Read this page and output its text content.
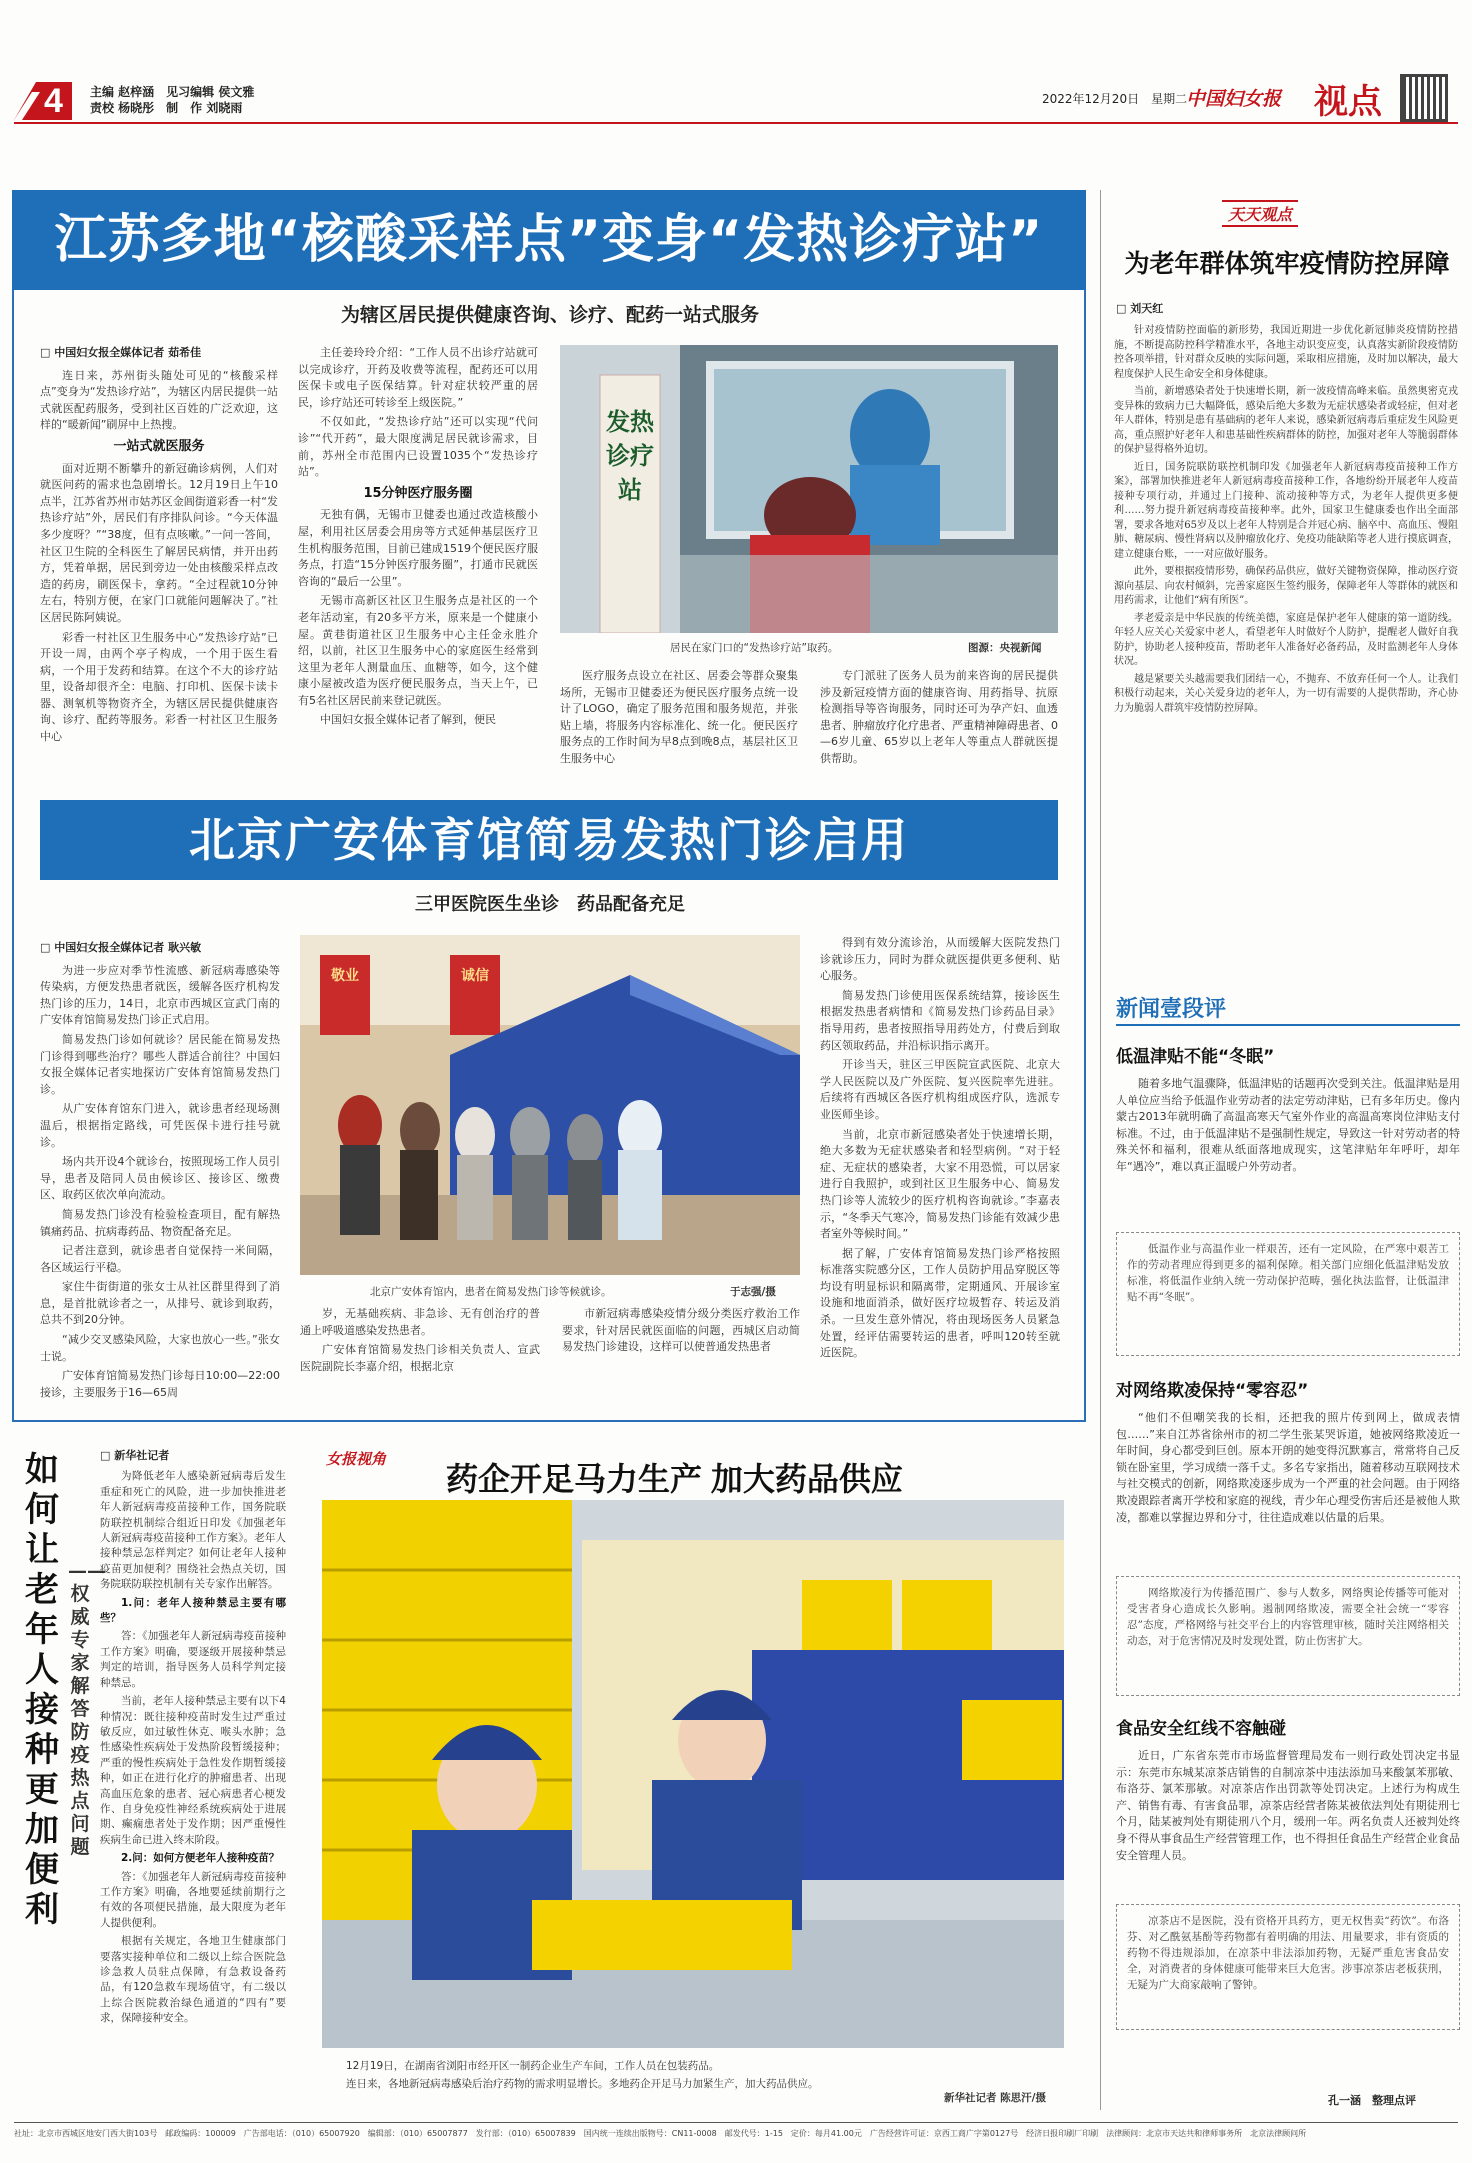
4 主编 赵梓涵　见习编辑 侯文雅
责校 杨晓彤　制　作 刘晓雨
2022年12月20日　星期二
中国妇女报 视点
江苏多地“核酸采样点”变身“发热诊疗站”
为辖区居民提供健康咨询、诊疗、配药一站式服务
□ 中国妇女报全媒体记者 茹希佳

连日来，苏州街头随处可见的“核酸采样点”变身为“发热诊疗站”，为辖区内居民提供一站式就医配药服务，受到社区百姓的广泛欢迎，这样的“暖新闻”刷屏中上热搜。

一站式就医服务

面对近期不断攀升的新冠确诊病例，人们对就医问药的需求也急剧增长。12月19日上午10点半，江苏省苏州市姑苏区金阊街道彩香一村“发热诊疗站”外，居民们有序排队问诊。“今天体温多少度呀？”“38度，但有点咳嗽。”一问一答间，社区卫生院的全科医生了解居民病情，并开出药方，凭着单据，居民到旁边一处由核酸采样点改造的药房，刷医保卡，拿药。“全过程就10分钟左右，特别方便，在家门口就能问题解决了。”社区居民陈阿姨说。

彩香一村社区卫生服务中心“发热诊疗站”已开设一周，由两个亭子构成，一个用于医生看病，一个用于发药和结算。在这个不大的诊疗站里，设备却很齐全：电脑、打印机、医保卡读卡器、测氧机等物资齐全，为辖区居民提供健康咨询、诊疗、配药等服务。彩香一村社区卫生服务中心

主任姜玲玲介绍：“工作人员不出诊疗站就可以完成诊疗，开药及收费等流程，配药还可以用医保卡或电子医保结算。针对症状较严重的居民，诊疗站还可转诊至上级医院。”

不仅如此，“发热诊疗站”还可以实现“代问诊”“代开药”，最大限度满足居民就诊需求，目前，苏州全市范围内已设置1035个“发热诊疗站”。

15分钟医疗服务圈

无独有偶，无锡市卫健委也通过改造核酸小屋，利用社区居委会用房等方式延伸基层医疗卫生机构服务范围，目前已建成1519个便民医疗服务点，打造“15分钟医疗服务圈”，打通市民就医咨询的“最后一公里”。

无锡市高新区社区卫生服务点是社区的一个老年活动室，有20多平方米，原来是一个健康小屋。黄巷街道社区卫生服务中心主任金永胜介绍，以前，社区卫生服务中心的家庭医生经常到这里为老年人测量血压、血糖等，如今，这个健康小屋被改造为医疗便民服务点，当天上午，已有5名社区居民前来登记就医。

中国妇女报全媒体记者了解到，便民

发热诊疗站
居民在家门口的“发热诊疗站”取药。	图源：央视新闻

医疗服务点设立在社区、居委会等群众聚集场所，无锡市卫健委还为便民医疗服务点统一设计了LOGO，确定了服务范围和服务规范，并张贴上墙，将服务内容标准化、统一化。便民医疗服务点的工作时间为早8点到晚8点，基层社区卫生服务中心

专门派驻了医务人员为前来咨询的居民提供涉及新冠疫情方面的健康咨询、用药指导、抗原检测指导等咨询服务，同时还可为孕产妇、血透患者、肿瘤放疗化疗患者、严重精神障碍患者、0—6岁儿童、65岁以上老年人等重点人群就医提供帮助。

北京广安体育馆简易发热门诊启用
三甲医院医生坐诊　药品配备充足
□ 中国妇女报全媒体记者 耿兴敏

为进一步应对季节性流感、新冠病毒感染等传染病，方便发热患者就医，缓解各医疗机构发热门诊的压力，14日，北京市西城区宣武门南的广安体育馆简易发热门诊正式启用。

简易发热门诊如何就诊？居民能在简易发热门诊得到哪些治疗？哪些人群适合前往？中国妇女报全媒体记者实地探访广安体育馆简易发热门诊。

从广安体育馆东门进入，就诊患者经现场测温后，根据指定路线，可凭医保卡进行挂号就诊。

场内共开设4个就诊台，按照现场工作人员引导，患者及陪同人员由候诊区、接诊区、缴费区、取药区依次单向流动。

简易发热门诊没有检验检查项目，配有解热镇痛药品、抗病毒药品、物资配备充足。

记者注意到，就诊患者自觉保持一米间隔，各区域运行平稳。

家住牛街街道的张女士从社区群里得到了消息，是首批就诊者之一，从排号、就诊到取药，总共不到20分钟。

“减少交叉感染风险，大家也放心一些。”张女士说。

广安体育馆简易发热门诊每日10:00—22:00接诊，主要服务于16—65周

敬业	诚信
北京广安体育馆内，患者在简易发热门诊等候就诊。	于志强/摄

岁，无基础疾病、非急诊、无有创治疗的普通上呼吸道感染发热患者。

广安体育馆简易发热门诊相关负责人、宣武医院副院长李嘉介绍，根据北京

市新冠病毒感染疫情分级分类医疗救治工作要求，针对居民就医面临的问题，西城区启动简易发热门诊建设，这样可以使普通发热患者

得到有效分流诊治，从而缓解大医院发热门诊就诊压力，同时为群众就医提供更多便利、贴心服务。

简易发热门诊使用医保系统结算，接诊医生根据发热患者病情和《简易发热门诊药品目录》指导用药，患者按照指导用药处方，付费后到取药区领取药品，并沿标识指示离开。

开诊当天，驻区三甲医院宣武医院、北京大学人民医院以及广外医院、复兴医院率先进驻。后续将有西城区各医疗机构组成医疗队，选派专业医师坐诊。

当前，北京市新冠感染者处于快速增长期，绝大多数为无症状感染者和轻型病例。“对于轻症、无症状的感染者，大家不用恐慌，可以居家进行自我照护，或到社区卫生服务中心、简易发热门诊等人流较少的医疗机构咨询就诊。”李嘉表示，“冬季天气寒冷，简易发热门诊能有效减少患者室外等候时间。”

据了解，广安体育馆简易发热门诊严格按照标准落实院感分区，工作人员防护用品穿脱区等均设有明显标识和隔离带，定期通风、开展诊室设施和地面消杀，做好医疗垃圾暂存、转运及消杀。一旦发生意外情况，将由现场医务人员紧急处置，经评估需要转运的患者，呼叫120转至就近医院。

如何让老年人接种更加便利
——权威专家解答防疫热点问题
□ 新华社记者

为降低老年人感染新冠病毒后发生重症和死亡的风险，进一步加快推进老年人新冠病毒疫苗接种工作，国务院联防联控机制综合组近日印发《加强老年人新冠病毒疫苗接种工作方案》。老年人接种禁忌怎样判定？如何让老年人接种疫苗更加便利？围绕社会热点关切，国务院联防联控机制有关专家作出解答。

1.问：老年人接种禁忌主要有哪些？

答：《加强老年人新冠病毒疫苗接种工作方案》明确，要逐级开展接种禁忌判定的培训，指导医务人员科学判定接种禁忌。

当前，老年人接种禁忌主要有以下4种情况：既往接种疫苗时发生过严重过敏反应，如过敏性休克、喉头水肿；急性感染性疾病处于发热阶段暂缓接种；严重的慢性疾病处于急性发作期暂缓接种，如正在进行化疗的肿瘤患者、出现高血压危象的患者、冠心病患者心梗发作、自身免疫性神经系统疾病处于进展期、癫痫患者处于发作期；因严重慢性疾病生命已进入终末阶段。

2.问：如何方便老年人接种疫苗？

答：《加强老年人新冠病毒疫苗接种工作方案》明确，各地要延续前期行之有效的各项便民措施，最大限度为老年人提供便利。

根据有关规定，各地卫生健康部门要落实接种单位和二级以上综合医院急诊急救人员驻点保障，有急救设备药品，有120急救车现场值守，有二级以上综合医院救治绿色通道的“四有”要求，保障接种安全。

女报视角
药企开足马力生产 加大药品供应
12月19日，在湖南省浏阳市经开区一制药企业生产车间，工作人员在包装药品。
连日来，各地新冠病毒感染后治疗药物的需求明显增长。多地药企开足马力加紧生产，加大药品供应。
新华社记者 陈思汗/摄
天天观点
为老年群体筑牢疫情防控屏障
□ 刘天红

针对疫情防控面临的新形势，我国近期进一步优化新冠肺炎疫情防控措施，不断提高防控科学精准水平，各地主动识变应变，认真落实新阶段疫情防控各项举措，针对群众反映的实际问题，采取相应措施，及时加以解决，最大程度保护人民生命安全和身体健康。

当前，新增感染者处于快速增长期，新一波疫情高峰来临。虽然奥密克戎变异株的致病力已大幅降低，感染后绝大多数为无症状感染者或轻症，但对老年人群体，特别是患有基础病的老年人来说，感染新冠病毒后重症发生风险更高，重点照护好老年人和患基础性疾病群体的防控，加强对老年人等脆弱群体的保护显得格外迫切。

近日，国务院联防联控机制印发《加强老年人新冠病毒疫苗接种工作方案》，部署加快推进老年人新冠病毒疫苗接种工作，各地纷纷开展老年人疫苗接种专项行动，并通过上门接种、流动接种等方式，为老年人提供更多便利……努力提升新冠病毒疫苗接种率。此外，国家卫生健康委也作出全面部署，要求各地对65岁及以上老年人特别是合并冠心病、脑卒中、高血压、慢阻肺、糖尿病、慢性肾病以及肿瘤放化疗、免疫功能缺陷等老人进行摸底调查，建立健康台账，一一对应做好服务。

此外，要根据疫情形势，确保药品供应，做好关键物资保障，推动医疗资源向基层、向农村倾斜，完善家庭医生签约服务，保障老年人等群体的就医和用药需求，让他们“病有所医”。

孝老爱亲是中华民族的传统美德，家庭是保护老年人健康的第一道防线。年轻人应关心关爱家中老人，看望老年人时做好个人防护，提醒老人做好自我防护，协助老人接种疫苗，帮助老年人准备好必备药品，及时监测老年人身体状况。

越是紧要关头越需要我们团结一心，不抛弃、不放弃任何一个人。让我们积极行动起来，关心关爱身边的老年人，为一切有需要的人提供帮助，齐心协力为脆弱人群筑牢疫情防控屏障。

新闻壹段评
低温津贴不能“冬眠”

随着多地气温骤降，低温津贴的话题再次受到关注。低温津贴是用人单位应当给予低温作业劳动者的法定劳动津贴，已有多年历史。像内蒙古2013年就明确了高温高寒天气室外作业的高温高寒岗位津贴支付标准。不过，由于低温津贴不是强制性规定，导致这一针对劳动者的特殊关怀和福利，很难从纸面落地成现实，这笔津贴年年呼吁，却年年“遇冷”，难以真正温暖户外劳动者。

低温作业与高温作业一样艰苦，还有一定风险，在严寒中艰苦工作的劳动者理应得到更多的福利保障。相关部门应细化低温津贴发放标准，将低温作业纳入统一劳动保护范畴，强化执法监督，让低温津贴不再“冬眠”。

对网络欺凌保持“零容忍”

“他们不但嘲笑我的长相，还把我的照片传到网上，做成表情包……”来自江苏省徐州市的初二学生张某哭诉道，她被网络欺凌近一年时间，身心都受到巨创。原本开朗的她变得沉默寡言，常常将自己反锁在卧室里，学习成绩一落千丈。多名专家指出，随着移动互联网技术与社交模式的创新，网络欺凌逐步成为一个严重的社会问题。由于网络欺凌跟踪者离开学校和家庭的视线，青少年心理受伤害后还是被他人欺凌，都难以掌握边界和分寸，往往造成难以估量的后果。

网络欺凌行为传播范围广、参与人数多，网络舆论传播等可能对受害者身心造成长久影响。遏制网络欺凌，需要全社会统一“零容忍”态度，严格网络与社交平台上的内容管理审核，随时关注网络相关动态，对于危害情况及时发现处置，防止伤害扩大。

食品安全红线不容触碰

近日，广东省东莞市市场监督管理局发布一则行政处罚决定书显示：东莞市东城某凉茶店销售的自制凉茶中违法添加马来酸氯苯那敏、布洛芬、氯苯那敏。对凉茶店作出罚款等处罚决定。上述行为构成生产、销售有毒、有害食品罪，凉茶店经营者陈某被依法判处有期徒刑七个月，陆某被判处有期徒刑八个月，缓刑一年。两名负责人还被判处终身不得从事食品生产经营管理工作，也不得担任食品生产经营企业食品安全管理人员。

凉茶店不是医院，没有资格开具药方，更无权售卖“药饮”。布洛芬、对乙酰氨基酚等药物都有着明确的用法、用量要求，非有资质的药物不得违规添加，在凉茶中非法添加药物，无疑严重危害食品安全，对消费者的身体健康可能带来巨大危害。涉事凉茶店老板获刑，无疑为广大商家敲响了警钟。

孔一涵　整理点评
社址：北京市西城区地安门西大街103号　邮政编码：100009　广告部电话：（010）65007920　编辑部：（010）65007877　发行部：（010）65007839　国内统一连续出版物号：CN11-0008　邮发代号：1-15　定价：每月41.00元　广告经营许可证：京西工商广字第0127号　经济日报印刷厂印刷　法律顾问：北京市天达共和律师事务所　北京法律顾问所
